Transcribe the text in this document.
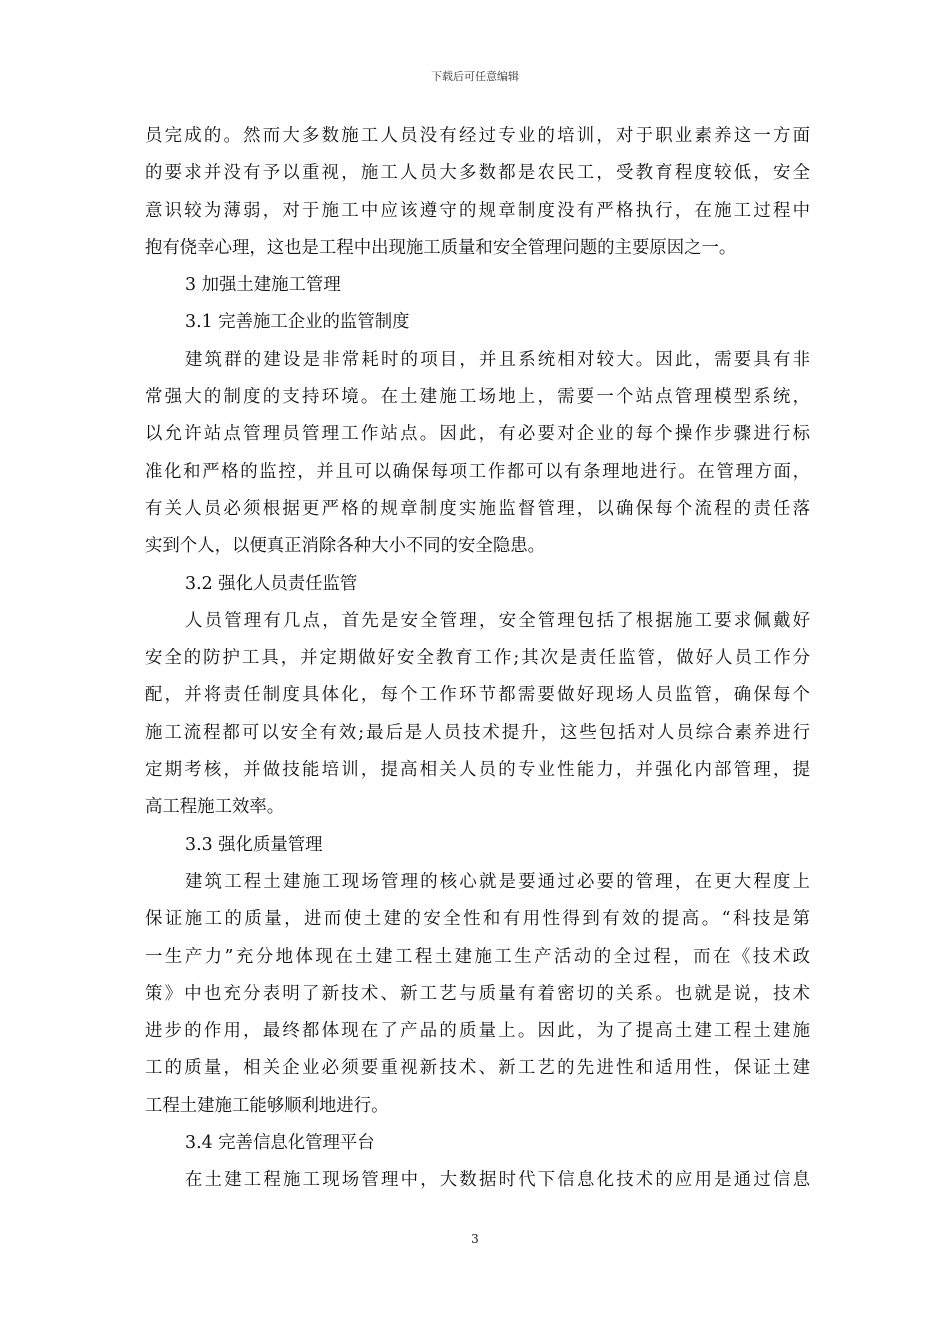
下载后可任意编辑
员完成的。然而大多数施工人员没有经过专业的培训，对于职业素养这一方面
的要求并没有予以重视，施工人员大多数都是农民工，受教育程度较低，安全
意识较为薄弱，对于施工中应该遵守的规章制度没有严格执行，在施工过程中
抱有侥幸心理，这也是工程中出现施工质量和安全管理问题的主要原因之一。
3 加强土建施工管理
3.1 完善施工企业的监管制度
建筑群的建设是非常耗时的项目，并且系统相对较大。因此，需要具有非
常强大的制度的支持环境。在土建施工场地上，需要一个站点管理模型系统，
以允许站点管理员管理工作站点。因此，有必要对企业的每个操作步骤进行标
准化和严格的监控，并且可以确保每项工作都可以有条理地进行。在管理方面，
有关人员必须根据更严格的规章制度实施监督管理，以确保每个流程的责任落
实到个人，以便真正消除各种大小不同的安全隐患。
3.2 强化人员责任监管
人员管理有几点，首先是安全管理，安全管理包括了根据施工要求佩戴好
安全的防护工具，并定期做好安全教育工作;其次是责任监管，做好人员工作分
配，并将责任制度具体化，每个工作环节都需要做好现场人员监管，确保每个
施工流程都可以安全有效;最后是人员技术提升，这些包括对人员综合素养进行
定期考核，并做技能培训，提高相关人员的专业性能力，并强化内部管理，提
高工程施工效率。
3.3 强化质量管理
建筑工程土建施工现场管理的核心就是要通过必要的管理，在更大程度上
保证施工的质量，进而使土建的安全性和有用性得到有效的提高。“科技是第
一生产力”充分地体现在土建工程土建施工生产活动的全过程，而在《技术政
策》中也充分表明了新技术、新工艺与质量有着密切的关系。也就是说，技术
进步的作用，最终都体现在了产品的质量上。因此，为了提高土建工程土建施
工的质量，相关企业必须要重视新技术、新工艺的先进性和适用性，保证土建
工程土建施工能够顺利地进行。
3.4 完善信息化管理平台
在土建工程施工现场管理中，大数据时代下信息化技术的应用是通过信息
3
